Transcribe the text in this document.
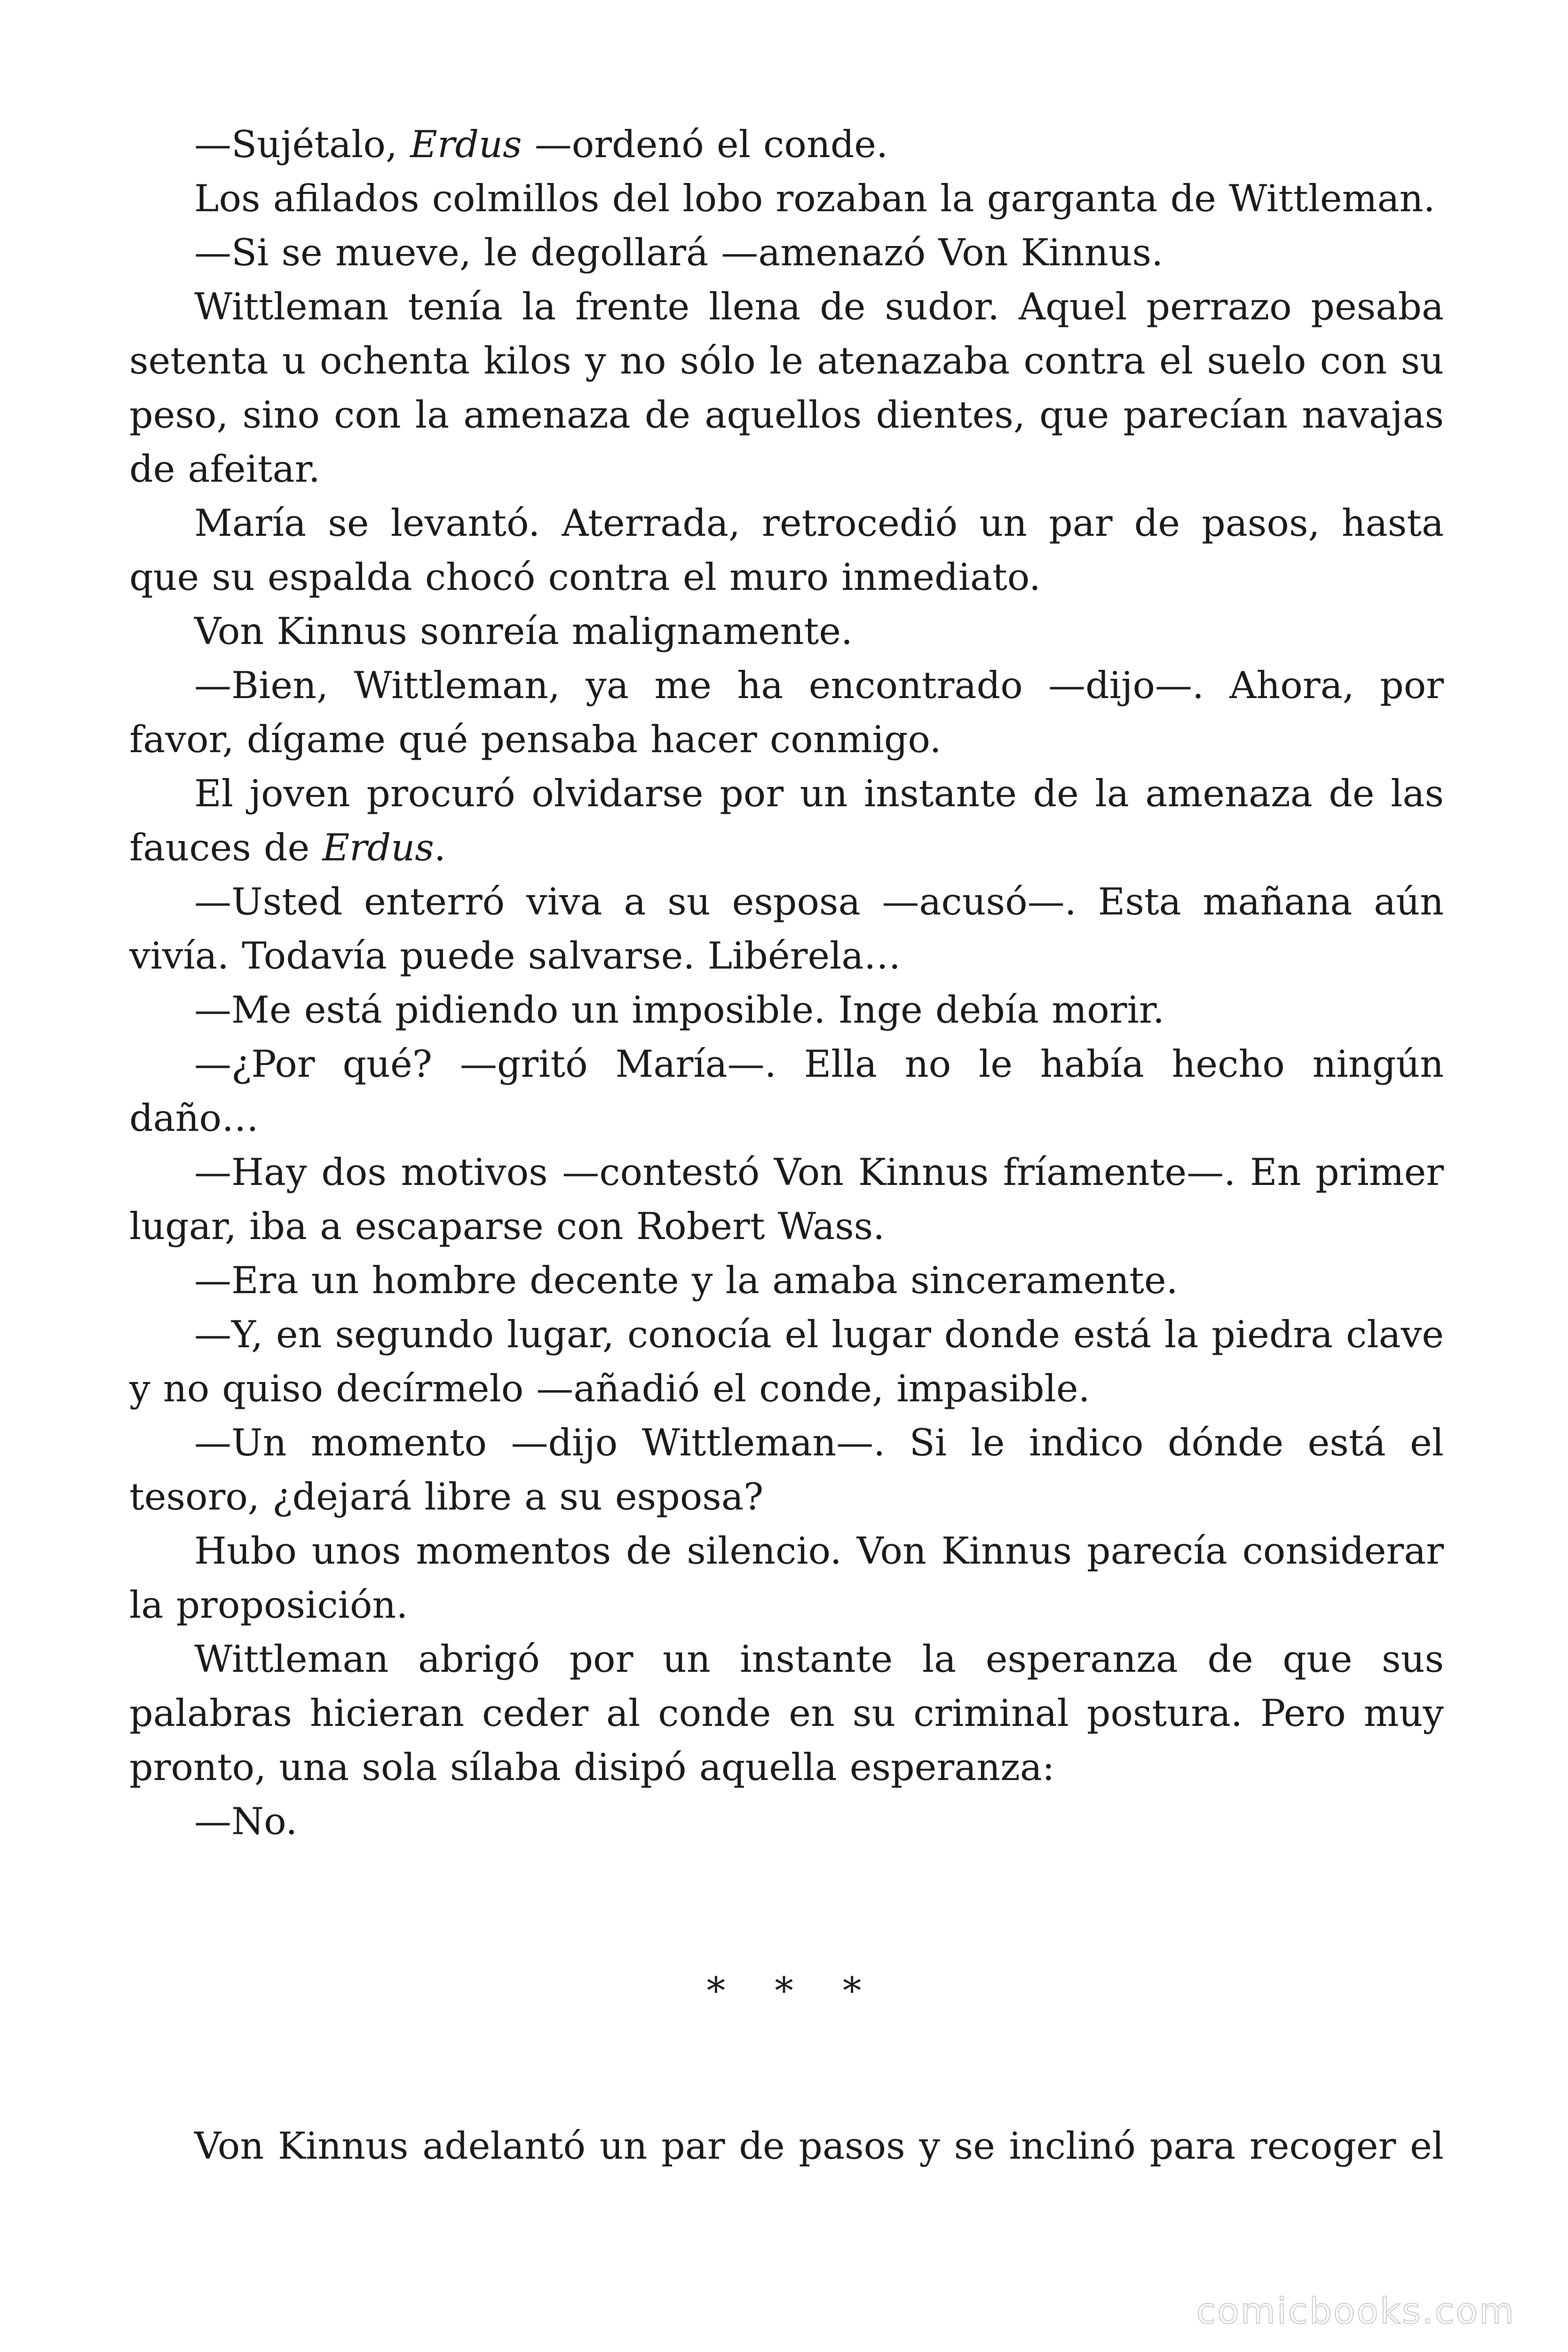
—Sujétalo, Erdus —ordenó el conde.

Los afilados colmillos del lobo rozaban la garganta de Wittleman.

—Si se mueve, le degollará —amenazó Von Kinnus.

Wittleman tenía la frente llena de sudor. Aquel perrazo pesaba setenta u ochenta kilos y no sólo le atenazaba contra el suelo con su peso, sino con la amenaza de aquellos dientes, que parecían navajas de afeitar.

María se levantó. Aterrada, retrocedió un par de pasos, hasta que su espalda chocó contra el muro inmediato.

Von Kinnus sonreía malignamente.

—Bien, Wittleman, ya me ha encontrado —dijo—. Ahora, por favor, dígame qué pensaba hacer conmigo.

El joven procuró olvidarse por un instante de la amenaza de las fauces de Erdus.

—Usted enterró viva a su esposa —acusó—. Esta mañana aún vivía. Todavía puede salvarse. Libérela…

—Me está pidiendo un imposible. Inge debía morir.

—¿Por qué? —gritó María—. Ella no le había hecho ningún daño…

—Hay dos motivos —contestó Von Kinnus fríamente—. En primer lugar, iba a escaparse con Robert Wass.

—Era un hombre decente y la amaba sinceramente.

—Y, en segundo lugar, conocía el lugar donde está la piedra clave y no quiso decírmelo —añadió el conde, impasible.

—Un momento —dijo Wittleman—. Si le indico dónde está el tesoro, ¿dejará libre a su esposa?

Hubo unos momentos de silencio. Von Kinnus parecía considerar la proposición.

Wittleman abrigó por un instante la esperanza de que sus palabras hicieran ceder al conde en su criminal postura. Pero muy pronto, una sola sílaba disipó aquella esperanza:

—No.

* * *

Von Kinnus adelantó un par de pasos y se inclinó para recoger el

comicbooks.com
